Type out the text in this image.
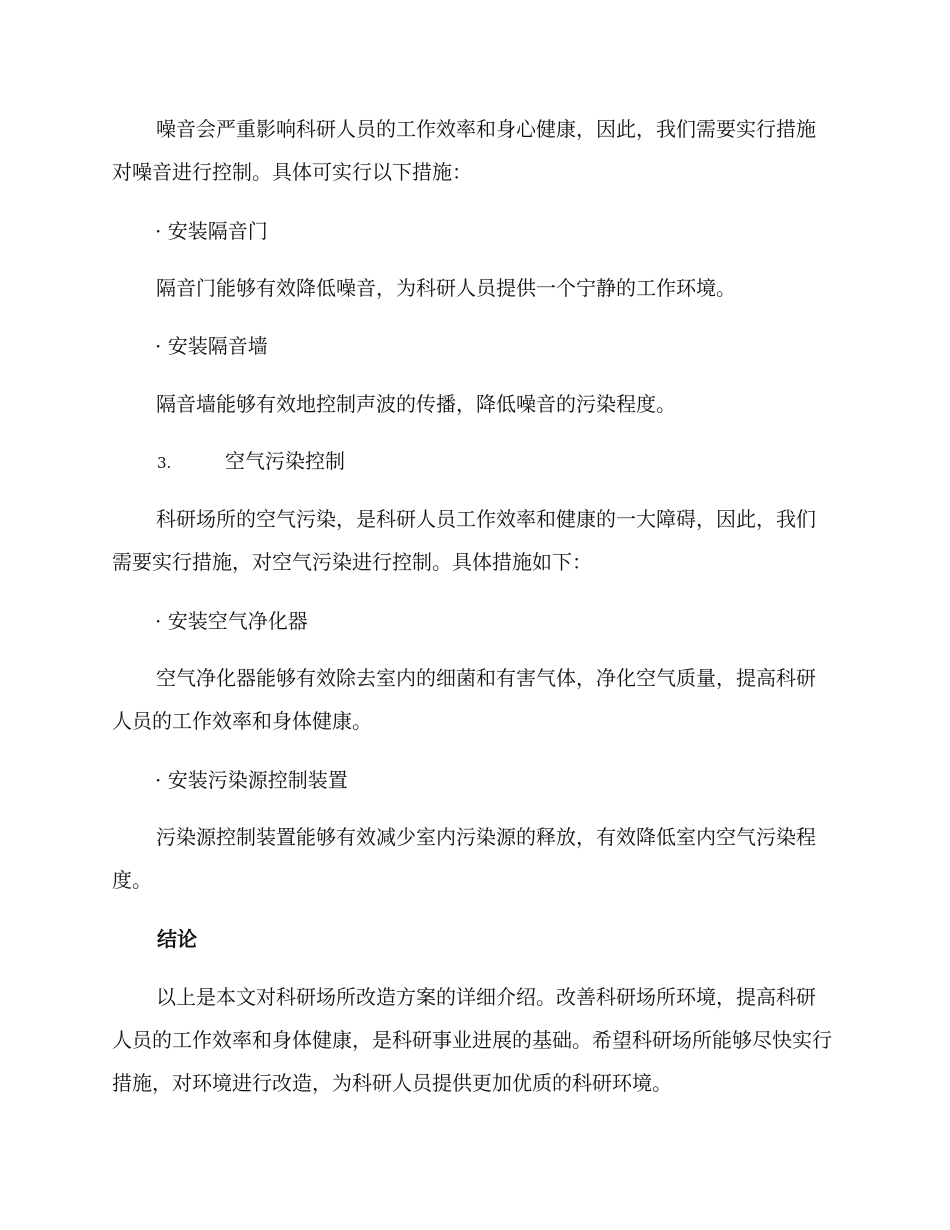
噪音会严重影响科研人员的工作效率和身心健康，因此，我们需要实行措施对噪音进行控制。具体可实行以下措施：

· 安装隔音门

隔音门能够有效降低噪音，为科研人员提供一个宁静的工作环境。

· 安装隔音墙

隔音墙能够有效地控制声波的传播，降低噪音的污染程度。

3.	空气污染控制

科研场所的空气污染，是科研人员工作效率和健康的一大障碍，因此，我们需要实行措施，对空气污染进行控制。具体措施如下：

· 安装空气净化器

空气净化器能够有效除去室内的细菌和有害气体，净化空气质量，提高科研人员的工作效率和身体健康。

· 安装污染源控制装置

污染源控制装置能够有效减少室内污染源的释放，有效降低室内空气污染程度。

结论

以上是本文对科研场所改造方案的详细介绍。改善科研场所环境，提高科研人员的工作效率和身体健康，是科研事业进展的基础。希望科研场所能够尽快实行措施，对环境进行改造，为科研人员提供更加优质的科研环境。
